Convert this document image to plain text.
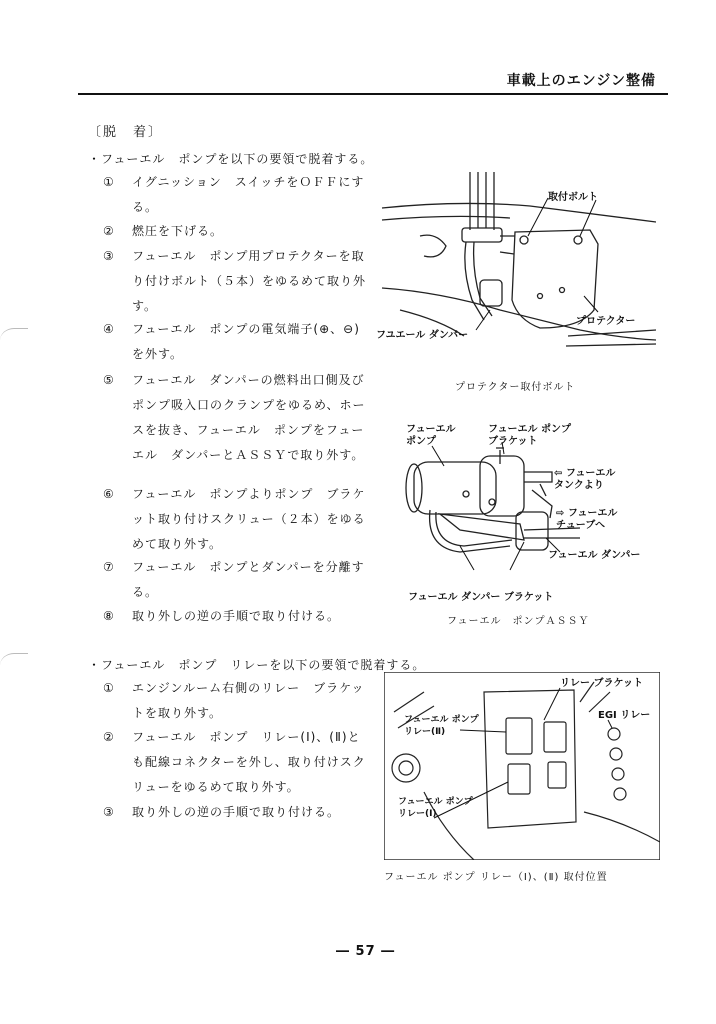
車載上のエンジン整備
〔脱　着〕
・フューエル　ポンプを以下の要領で脱着する。
①	イグニッション　スイッチをＯＦＦにする。
②	燃圧を下げる。
③	フューエル　ポンプ用プロテクターを取り付けボルト（５本）をゆるめて取り外す。
④	フューエル　ポンプの電気端子(⊕、⊖)を外す。
⑤	フューエル　ダンパーの燃料出口側及びポンプ吸入口のクランプをゆるめ、ホースを抜き、フューエル　ポンプをフューエル　ダンパーとＡＳＳＹで取り外す。
⑥	フューエル　ポンプよりポンプ　ブラケット取り付けスクリュー（２本）をゆるめて取り外す。
⑦	フューエル　ポンプとダンパーを分離する。
⑧	取り外しの逆の手順で取り付ける。
・フューエル　ポンプ　リレーを以下の要領で脱着する。
①	エンジンルーム右側のリレー　ブラケットを取り外す。
②	フューエル　ポンプ　リレー(Ⅰ)、(Ⅱ)とも配線コネクターを外し、取り付けスクリューをゆるめて取り外す。
③	取り外しの逆の手順で取り付ける。
取付ボルト
プロテクター
フユエール ダンパー
プロテクター取付ボルト
フューエル
ポンプ
フューエル ポンプ
ブラケット
⇦ フューエル
タンクより
⇨ フューエル
チューブへ
フューエル ダンパー
フューエル ダンパー ブラケット
フューエル　ポンプＡＳＳＹ
リレー ブラケット
フューエル ポンプ
リレー(Ⅱ)
EGI リレー
フューエル ポンプ
リレー(Ⅰ)
フューエル ポンプ リレー（Ⅰ)、(Ⅱ) 取付位置
― 57 ―
